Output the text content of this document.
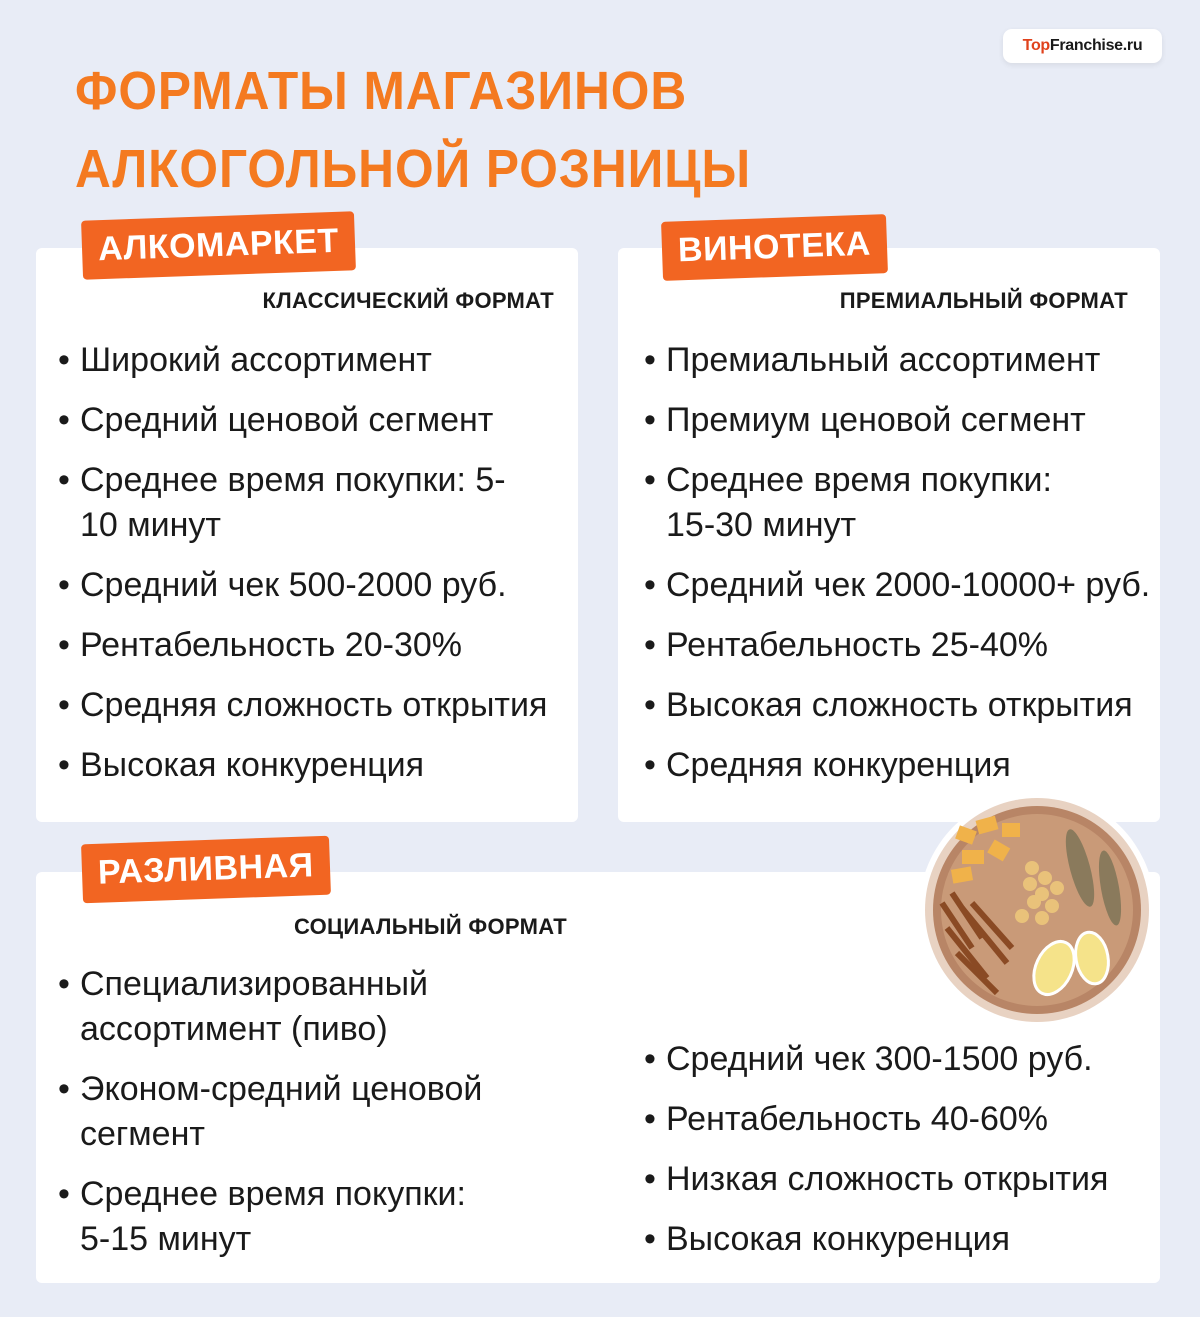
TopFranchise.ru
ФОРМАТЫ МАГАЗИНОВ
АЛКОГОЛЬНОЙ РОЗНИЦЫ
КЛАССИЧЕСКИЙ ФОРМАТ
• Широкий ассортимент
• Средний ценовой сегмент
• Среднее время покупки: 5-10 минут
• Средний чек 500-2000 руб.
• Рентабельность 20-30%
• Средняя сложность открытия
• Высокая конкуренция
АЛКОМАРКЕТ
ПРЕМИАЛЬНЫЙ ФОРМАТ
• Премиальный ассортимент
• Премиум ценовой сегмент
• Среднее время покупки: 15-30 минут
• Средний чек 2000-10000+ руб.
• Рентабельность 25-40%
• Высокая сложность открытия
• Средняя конкуренция
ВИНОТЕКА
СОЦИАЛЬНЫЙ ФОРМАТ
• Специализированный ассортимент (пиво)
• Эконом-средний ценовой сегмент
• Среднее время покупки: 5-15 минут
• Средний чек 300-1500 руб.
• Рентабельность 40-60%
• Низкая сложность открытия
• Высокая конкуренция
РАЗЛИВНАЯ
